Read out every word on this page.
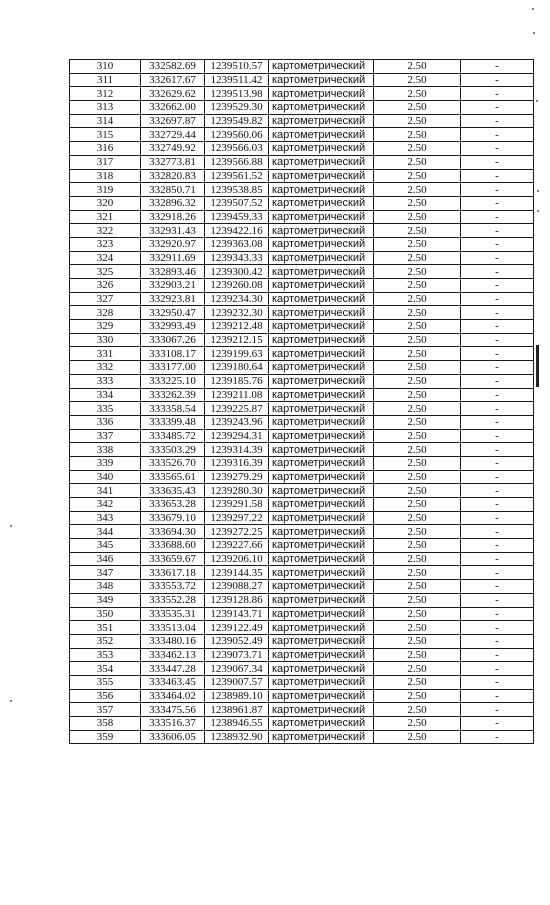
310	332582.69	1239510.57	картометрический	2.50	-
311	332617.67	1239511.42	картометрический	2.50	-
312	332629.62	1239513.98	картометрический	2.50	-
313	332662.00	1239529.30	картометрический	2.50	-
314	332697.87	1239549.82	картометрический	2.50	-
315	332729.44	1239560.06	картометрический	2.50	-
316	332749.92	1239566.03	картометрический	2.50	-
317	332773.81	1239566.88	картометрический	2.50	-
318	332820.83	1239561.52	картометрический	2.50	-
319	332850.71	1239538.85	картометрический	2.50	-
320	332896.32	1239507.52	картометрический	2.50	-
321	332918.26	1239459.33	картометрический	2.50	-
322	332931.43	1239422.16	картометрический	2.50	-
323	332920.97	1239363.08	картометрический	2.50	-
324	332911.69	1239343.33	картометрический	2.50	-
325	332893.46	1239300.42	картометрический	2.50	-
326	332903.21	1239260.08	картометрический	2.50	-
327	332923.81	1239234.30	картометрический	2.50	-
328	332950.47	1239232.30	картометрический	2.50	-
329	332993.49	1239212.48	картометрический	2.50	-
330	333067.26	1239212.15	картометрический	2.50	-
331	333108.17	1239199.63	картометрический	2.50	-
332	333177.00	1239180.64	картометрический	2.50	-
333	333225.10	1239185.76	картометрический	2.50	-
334	333262.39	1239211.08	картометрический	2.50	-
335	333358.54	1239225.87	картометрический	2.50	-
336	333399.48	1239243.96	картометрический	2.50	-
337	333485.72	1239294.31	картометрический	2.50	-
338	333503.29	1239314.39	картометрический	2.50	-
339	333526.70	1239316.39	картометрический	2.50	-
340	333565.61	1239279.29	картометрический	2.50	-
341	333635.43	1239280.30	картометрический	2.50	-
342	333653.28	1239291.58	картометрический	2.50	-
343	333679.10	1239297.22	картометрический	2.50	-
344	333694.30	1239272.25	картометрический	2.50	-
345	333688.60	1239227.66	картометрический	2.50	-
346	333659.67	1239206.10	картометрический	2.50	-
347	333617.18	1239144.35	картометрический	2.50	-
348	333553.72	1239088.27	картометрический	2.50	-
349	333552.28	1239128.86	картометрический	2.50	-
350	333535.31	1239143.71	картометрический	2.50	-
351	333513.04	1239122.49	картометрический	2.50	-
352	333480.16	1239052.49	картометрический	2.50	-
353	333462.13	1239073.71	картометрический	2.50	-
354	333447.28	1239067.34	картометрический	2.50	-
355	333463.45	1239007.57	картометрический	2.50	-
356	333464.02	1238989.10	картометрический	2.50	-
357	333475.56	1238961.87	картометрический	2.50	-
358	333516.37	1238946.55	картометрический	2.50	-
359	333606.05	1238932.90	картометрический	2.50	-
